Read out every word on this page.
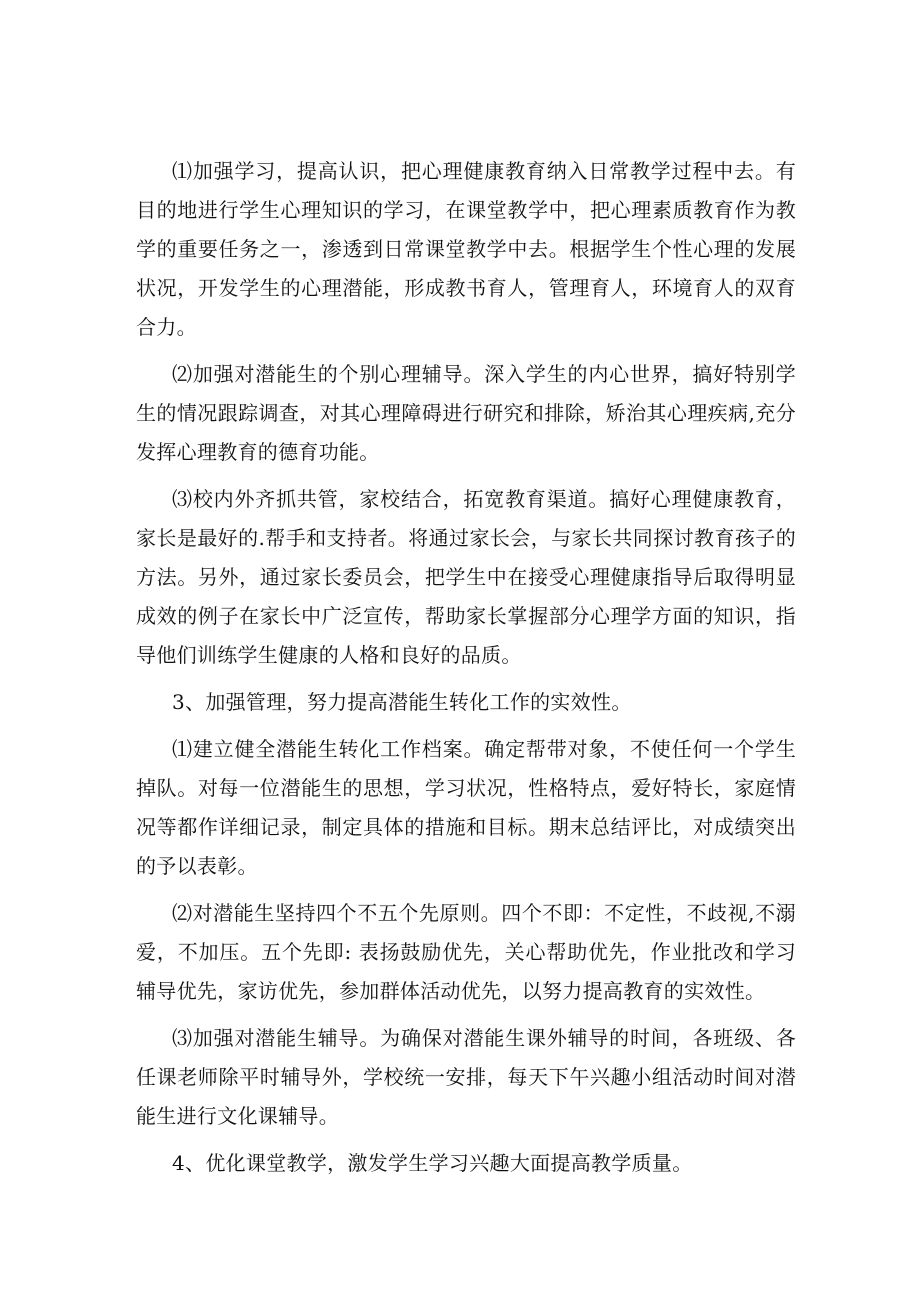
⑴加强学习，提高认识，把心理健康教育纳入日常教学过程中去。有目的地进行学生心理知识的学习，在课堂教学中，把心理素质教育作为教学的重要任务之一，渗透到日常课堂教学中去。根据学生个性心理的发展状况，开发学生的心理潜能，形成教书育人，管理育人，环境育人的双育合力。

⑵加强对潜能生的个别心理辅导。深入学生的内心世界，搞好特别学生的情况跟踪调查，对其心理障碍进行研究和排除，矫治其心理疾病,充分发挥心理教育的德育功能。

⑶校内外齐抓共管，家校结合，拓宽教育渠道。搞好心理健康教育，家长是最好的.帮手和支持者。将通过家长会，与家长共同探讨教育孩子的方法。另外，通过家长委员会，把学生中在接受心理健康指导后取得明显成效的例子在家长中广泛宣传，帮助家长掌握部分心理学方面的知识，指导他们训练学生健康的人格和良好的品质。

3、加强管理，努力提高潜能生转化工作的实效性。

⑴建立健全潜能生转化工作档案。确定帮带对象，不使任何一个学生掉队。对每一位潜能生的思想，学习状况，性格特点，爱好特长，家庭情况等都作详细记录，制定具体的措施和目标。期末总结评比，对成绩突出的予以表彰。

⑵对潜能生坚持四个不五个先原则。四个不即：不定性，不歧视,不溺爱，不加压。五个先即: 表扬鼓励优先，关心帮助优先，作业批改和学习辅导优先，家访优先，参加群体活动优先，以努力提高教育的实效性。

⑶加强对潜能生辅导。为确保对潜能生课外辅导的时间，各班级、各任课老师除平时辅导外，学校统一安排，每天下午兴趣小组活动时间对潜能生进行文化课辅导。

4、优化课堂教学，激发学生学习兴趣大面提高教学质量。
